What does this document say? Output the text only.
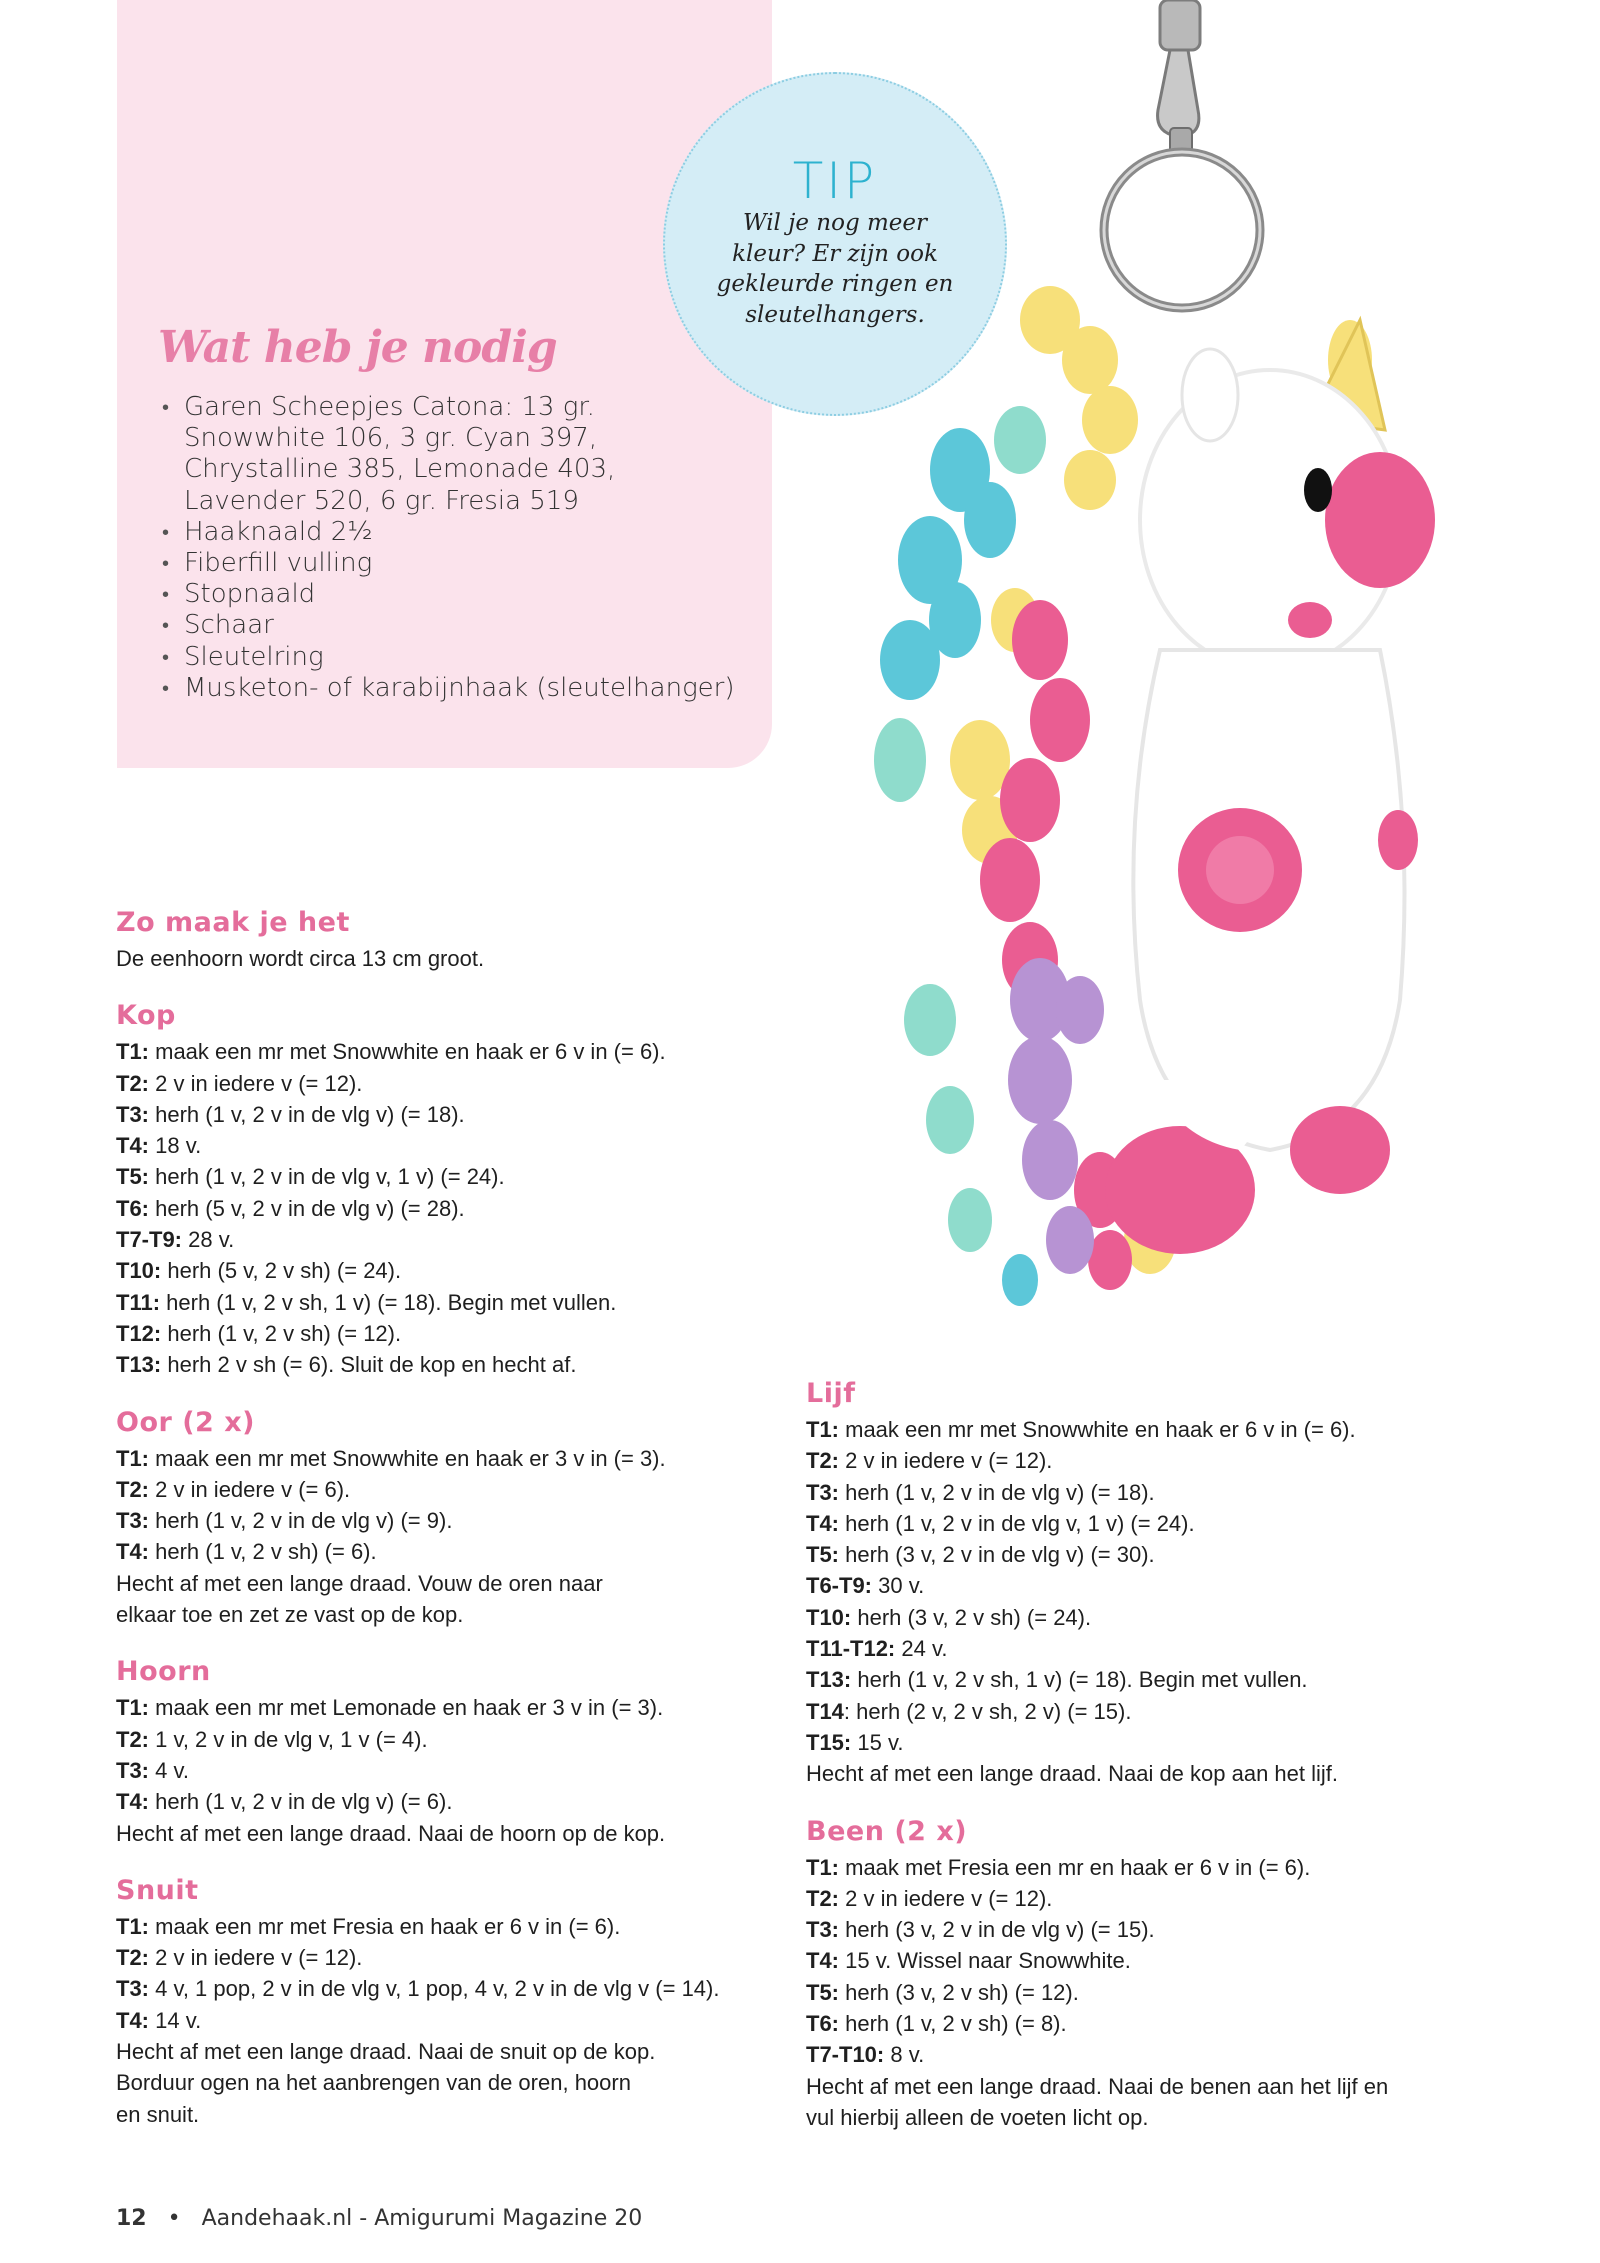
Wat heb je nodig
• Garen Scheepjes Catona: 13 gr. Snowwhite 106, 3 gr. Cyan 397, Chrystalline 385, Lemonade 403, Lavender 520, 6 gr. Fresia 519
• Haaknaald 2½
• Fiberfill vulling
• Stopnaald
• Schaar
• Sleutelring
• Musketon- of karabijnhaak (sleutelhanger)
TIP
Wil je nog meer kleur? Er zijn ook gekleurde ringen en sleutelhangers.
Zo maak je het

De eenhoorn wordt circa 13 cm groot.

Kop

T1: maak een mr met Snowwhite en haak er 6 v in (= 6).

T2: 2 v in iedere v (= 12).

T3: herh (1 v, 2 v in de vlg v) (= 18).

T4: 18 v.

T5: herh (1 v, 2 v in de vlg v, 1 v) (= 24).

T6: herh (5 v, 2 v in de vlg v) (= 28).

T7-T9: 28 v.

T10: herh (5 v, 2 v sh) (= 24).

T11: herh (1 v, 2 v sh, 1 v) (= 18). Begin met vullen.

T12: herh (1 v, 2 v sh) (= 12).

T13: herh 2 v sh (= 6). Sluit de kop en hecht af.

Oor (2 x)

T1: maak een mr met Snowwhite en haak er 3 v in (= 3).

T2: 2 v in iedere v (= 6).

T3: herh (1 v, 2 v in de vlg v) (= 9).

T4: herh (1 v, 2 v sh) (= 6).

Hecht af met een lange draad. Vouw de oren naar

elkaar toe en zet ze vast op de kop.

Hoorn

T1: maak een mr met Lemonade en haak er 3 v in (= 3).

T2: 1 v, 2 v in de vlg v, 1 v (= 4).

T3: 4 v.

T4: herh (1 v, 2 v in de vlg v) (= 6).

Hecht af met een lange draad. Naai de hoorn op de kop.

Snuit

T1: maak een mr met Fresia en haak er 6 v in (= 6).

T2: 2 v in iedere v (= 12).

T3: 4 v, 1 pop, 2 v in de vlg v, 1 pop, 4 v, 2 v in de vlg v (= 14).

T4: 14 v.

Hecht af met een lange draad. Naai de snuit op de kop.

Borduur ogen na het aanbrengen van de oren, hoorn

en snuit.

Lijf

T1: maak een mr met Snowwhite en haak er 6 v in (= 6).

T2: 2 v in iedere v (= 12).

T3: herh (1 v, 2 v in de vlg v) (= 18).

T4: herh (1 v, 2 v in de vlg v, 1 v) (= 24).

T5: herh (3 v, 2 v in de vlg v) (= 30).

T6-T9: 30 v.

T10: herh (3 v, 2 v sh) (= 24).

T11-T12: 24 v.

T13: herh (1 v, 2 v sh, 1 v) (= 18). Begin met vullen.

T14: herh (2 v, 2 v sh, 2 v) (= 15).

T15: 15 v.

Hecht af met een lange draad. Naai de kop aan het lijf.

Been (2 x)

T1: maak met Fresia een mr en haak er 6 v in (= 6).

T2: 2 v in iedere v (= 12).

T3: herh (3 v, 2 v in de vlg v) (= 15).

T4: 15 v. Wissel naar Snowwhite.

T5: herh (3 v, 2 v sh) (= 12).

T6: herh (1 v, 2 v sh) (= 8).

T7-T10: 8 v.

Hecht af met een lange draad. Naai de benen aan het lijf en

vul hierbij alleen de voeten licht op.

12 • Aandehaak.nl - Amigurumi Magazine 20
